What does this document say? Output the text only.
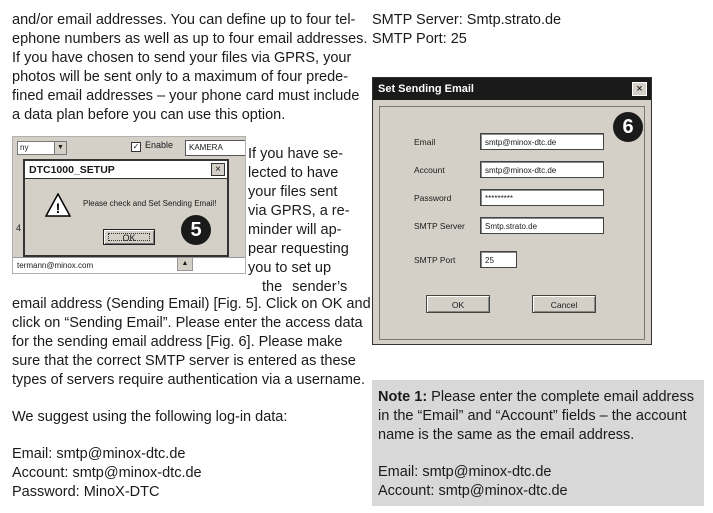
and/or email addresses. You can define up to four tel-
ephone numbers as well as up to four email addresses.
If you have chosen to send your files via GPRS, your
photos will be sent only to a maximum of four prede-
fined email addresses – your phone card must include
a data plan before you can use this option.
ny	▼	✓ Enable	KAMERA
4
termann@minox.com	▲
DTC1000_SETUP	×
!	Please check and Set Sending Email!
OK	5
If you have se-
lected to have
your files sent
via GPRS, a re-
minder will ap-
pear requesting
you to set up
the sender’s
email address (Sending Email) [Fig. 5]. Click on OK and
click on “Sending Email”. Please enter the access data
for the sending email address [Fig. 6]. Please make
sure that the correct SMTP server is entered as these
types of servers require authentication via a username.
We suggest using the following log-in data:
Email: smtp@minox-dtc.de
Account: smtp@minox-dtc.de
Password: MinoX-DTC
SMTP Server: Smtp.strato.de
SMTP Port: 25
Set Sending Email	×
Email	smtp@minox-dtc.de
Account	smtp@minox-dtc.de
Password	*********
SMTP Server	Smtp.strato.de
SMTP Port	25
OK	Cancel
6
Note 1: Please enter the complete email address
in the “Email” and “Account” fields – the account
name is the same as the email address.
Email: smtp@minox-dtc.de
Account: smtp@minox-dtc.de
